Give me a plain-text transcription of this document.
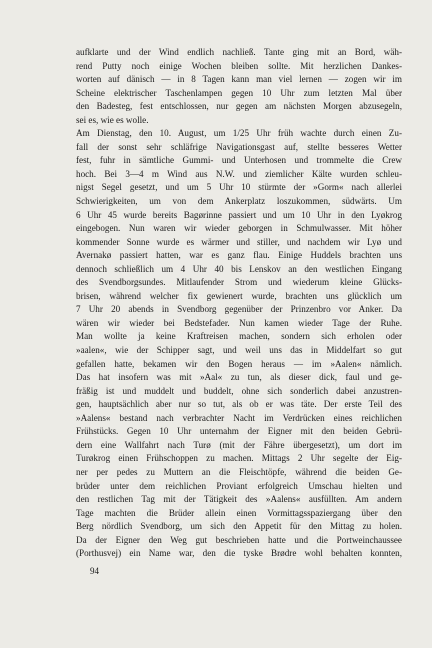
aufklarte und der Wind endlich nachließ. Tante ging mit an Bord, wäh-
rend Putty noch einige Wochen bleiben sollte. Mit herzlichen Dankes-
worten auf dänisch — in 8 Tagen kann man viel lernen — zogen wir im
Scheine elektrischer Taschenlampen gegen 10 Uhr zum letzten Mal über
den Badesteg, fest entschlossen, nur gegen am nächsten Morgen abzusegeln,
sei es, wie es wolle.
Am Dienstag, den 10. August, um 1/25 Uhr früh wachte durch einen Zu-
fall der sonst sehr schläfrige Navigationsgast auf, stellte besseres Wetter
fest, fuhr in sämtliche Gummi- und Unterhosen und trommelte die Crew
hoch. Bei 3—4 m Wind aus N.W. und ziemlicher Kälte wurden schleu-
nigst Segel gesetzt, und um 5 Uhr 10 stürmte der »Gorm« nach allerlei
Schwierigkeiten, um von dem Ankerplatz loszukommen, südwärts. Um
6 Uhr 45 wurde bereits Bagørinne passiert und um 10 Uhr in den Lyøkrog
eingebogen. Nun waren wir wieder geborgen in Schmulwasser. Mit höher
kommender Sonne wurde es wärmer und stiller, und nachdem wir Lyø und
Avernakø passiert hatten, war es ganz flau. Einige Huddels brachten uns
dennoch schließlich um 4 Uhr 40 bis Lenskov an den westlichen Eingang
des Svendborgsundes. Mitlaufender Strom und wiederum kleine Glücks-
brisen, während welcher fix gewienert wurde, brachten uns glücklich um
7 Uhr 20 abends in Svendborg gegenüber der Prinzenbro vor Anker. Da
wären wir wieder bei Bedstefader. Nun kamen wieder Tage der Ruhe.
Man wollte ja keine Kraftreisen machen, sondern sich erholen oder
»aalen«, wie der Schipper sagt, und weil uns das in Middelfart so gut
gefallen hatte, bekamen wir den Bogen heraus — im »Aalen« nämlich.
Das hat insofern was mit »Aal« zu tun, als dieser dick, faul und ge-
fräßig ist und muddelt und buddelt, ohne sich sonderlich dabei anzustren-
gen, hauptsächlich aber nur so tut, als ob er was täte. Der erste Teil des
»Aalens« bestand nach verbrachter Nacht im Verdrücken eines reichlichen
Frühstücks. Gegen 10 Uhr unternahm der Eigner mit den beiden Gebrü-
dern eine Wallfahrt nach Turø (mit der Fähre übergesetzt), um dort im
Turøkrog einen Frühschoppen zu machen. Mittags 2 Uhr segelte der Eig-
ner per pedes zu Muttern an die Fleischtöpfe, während die beiden Ge-
brüder unter dem reichlichen Proviant erfolgreich Umschau hielten und
den restlichen Tag mit der Tätigkeit des »Aalens« ausfüllten. Am andern
Tage machten die Brüder allein einen Vormittagsspaziergang über den
Berg nördlich Svendborg, um sich den Appetit für den Mittag zu holen.
Da der Eigner den Weg gut beschrieben hatte und die Portweinchaussee
(Porthusvej) ein Name war, den die tyske Brødre wohl behalten konnten,
94
